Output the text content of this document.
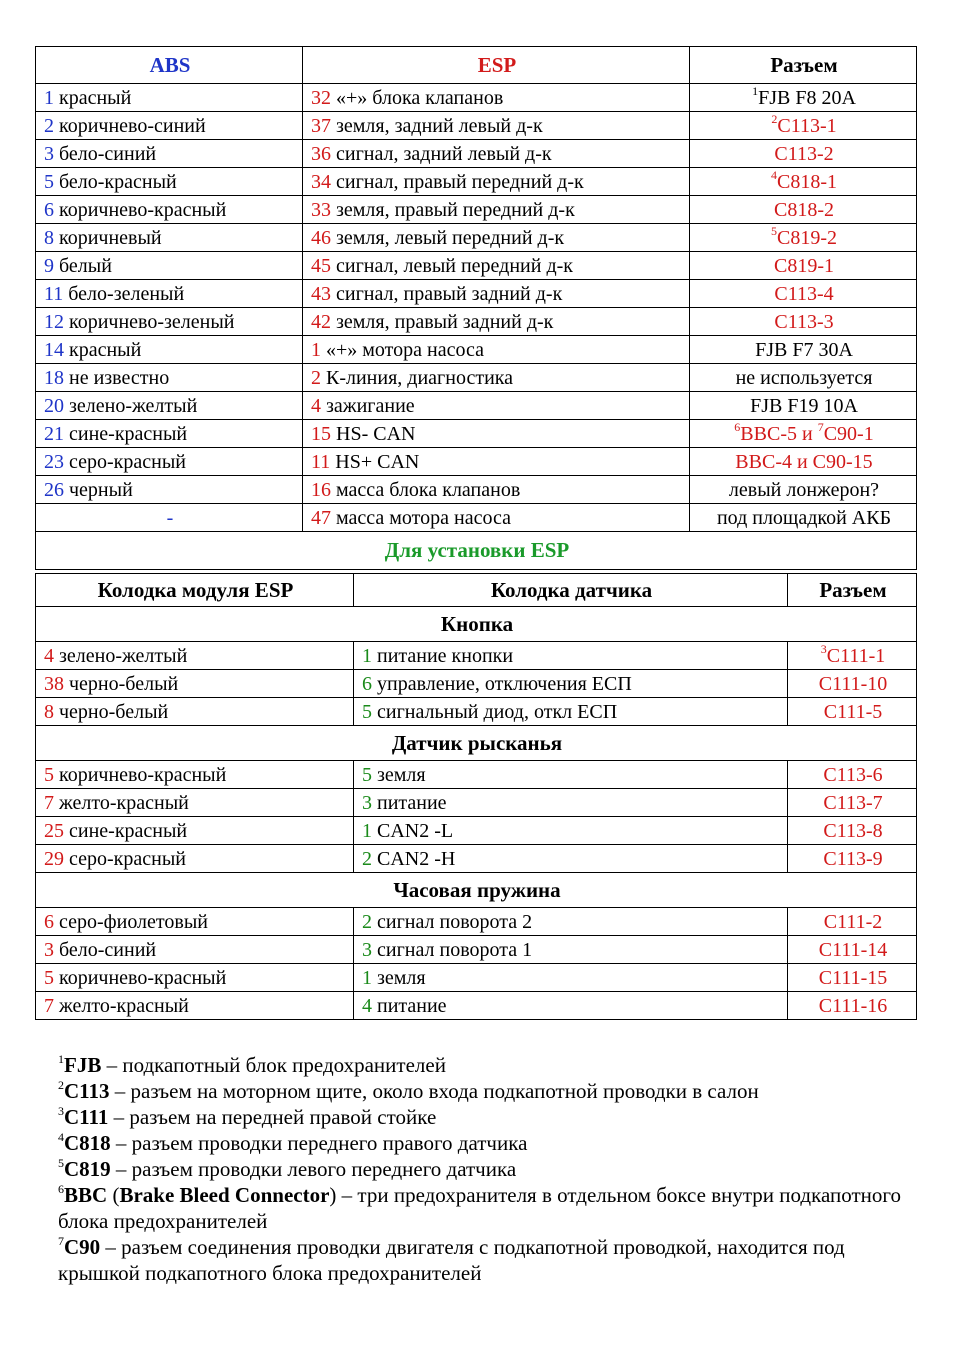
ABS	ESP	Разъем
1 красный	32 «+» блока клапанов	$^1$FJB F8 20A
2 коричнево-синий	37 земля, задний левый д-к	$^2$C113-1
3 бело-синий	36 сигнал, задний левый д-к	C113-2
5 бело-красный	34 сигнал, правый передний д-к	$^4$C818-1
6 коричнево-красный	33 земля, правый передний д-к	C818-2
8 коричневый	46 земля, левый передний д-к	$^5$C819-2
9 белый	45 сигнал, левый передний д-к	C819-1
11 бело-зеленый	43 сигнал, правый задний д-к	C113-4
12 коричнево-зеленый	42 земля, правый задний д-к	C113-3
14 красный	1 «+» мотора насоса	FJB F7 30A
18 не известно	2 К-линия, диагностика	не используется
20 зелено-желтый	4 зажигание	FJB F19 10A
21 сине-красный	15 HS- CAN	$^6$BBC-5 и $^7$C90-1
23 серо-красный	11 HS+ CAN	BBC-4 и C90-15
26 черный	16 масса блока клапанов	левый лонжерон?
-	47 масса мотора насоса	под площадкой АКБ
Для установки ESP		
Колодка модуля ESP	Колодка датчика	Разъем
Кнопка		
4 зелено-желтый	1 питание кнопки	$^3$C111-1
38 черно-белый	6 управление, отключения ЕСП	C111-10
8 черно-белый	5 сигнальный диод, откл ЕСП	C111-5
Датчик рысканья		
5 коричнево-красный	5 земля	C113-6
7 желто-красный	3 питание	C113-7
25 сине-красный	1 CAN2 -L	C113-8
29 серо-красный	2 CAN2 -H	C113-9
Часовая пружина		
6 серо-фиолетовый	2 сигнал поворота 2	C111-2
3 бело-синий	3 сигнал поворота 1	C111-14
5 коричнево-красный	1 земля	C111-15
7 желто-красный	4 питание	C111-16
$^1$FJB – подкапотный блок предохранителей
$^2$C113 – разъем на моторном щите, около входа подкапотной проводки в салон
$^3$C111 – разъем на передней правой стойке
$^4$C818 – разъем проводки переднего правого датчика
$^5$C819 – разъем проводки левого переднего датчика
$^6$BBC (Brake Bleed Connector) – три предохранителя в отдельном боксе внутри подкапотного блока предохранителей
$^7$C90 – разъем соединения проводки двигателя с подкапотной проводкой, находится под крышкой подкапотного блока предохранителей
